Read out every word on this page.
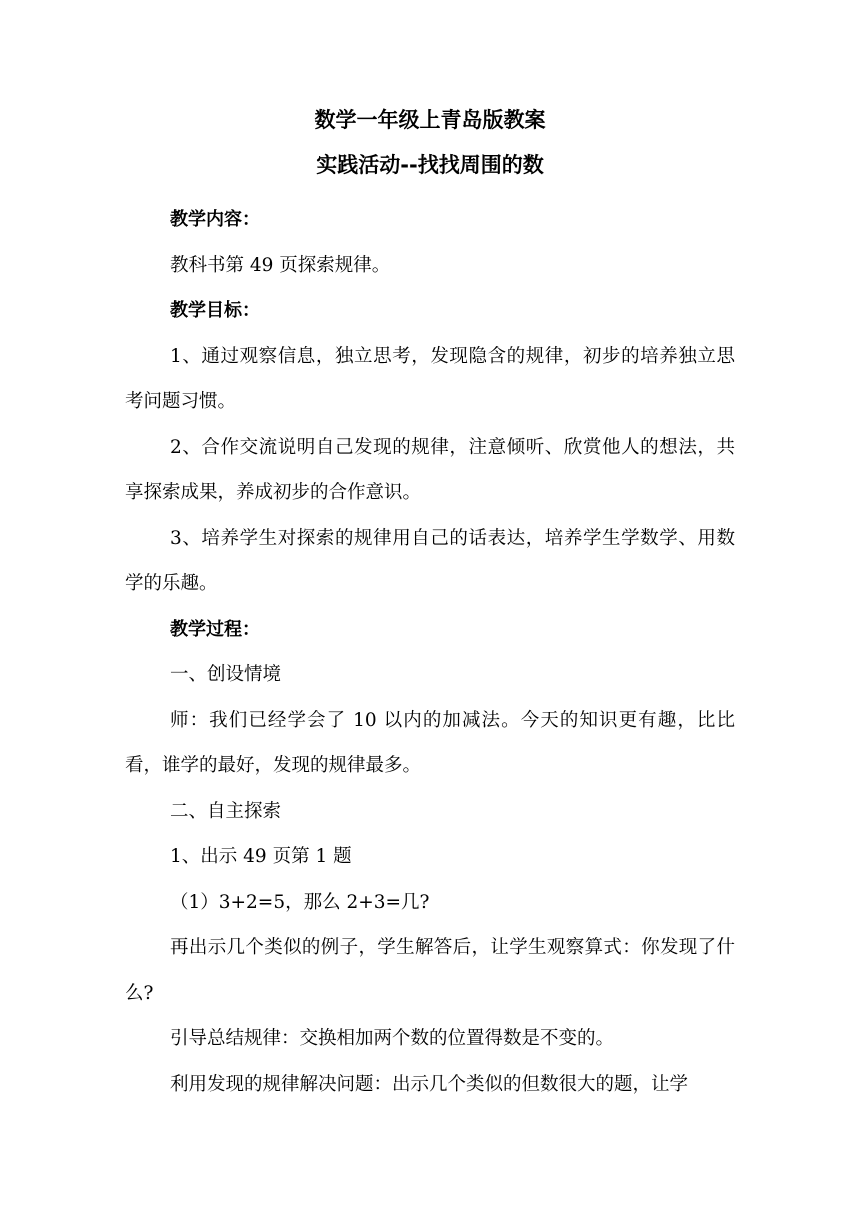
数学一年级上青岛版教案
实践活动--找找周围的数

教学内容：

教科书第 49 页探索规律。

教学目标：

1、通过观察信息，独立思考，发现隐含的规律，初步的培养独立思考问题习惯。

2、合作交流说明自己发现的规律，注意倾听、欣赏他人的想法，共享探索成果，养成初步的合作意识。

3、培养学生对探索的规律用自己的话表达，培养学生学数学、用数学的乐趣。

教学过程：

一、创设情境

师：我们已经学会了 10 以内的加减法。今天的知识更有趣，比比看，谁学的最好，发现的规律最多。

二、自主探索

1、出示 49 页第 1 题

（1）3+2=5，那么 2+3=几?

再出示几个类似的例子，学生解答后，让学生观察算式：你发现了什么?

引导总结规律：交换相加两个数的位置得数是不变的。

利用发现的规律解决问题：出示几个类似的但数很大的题，让学
